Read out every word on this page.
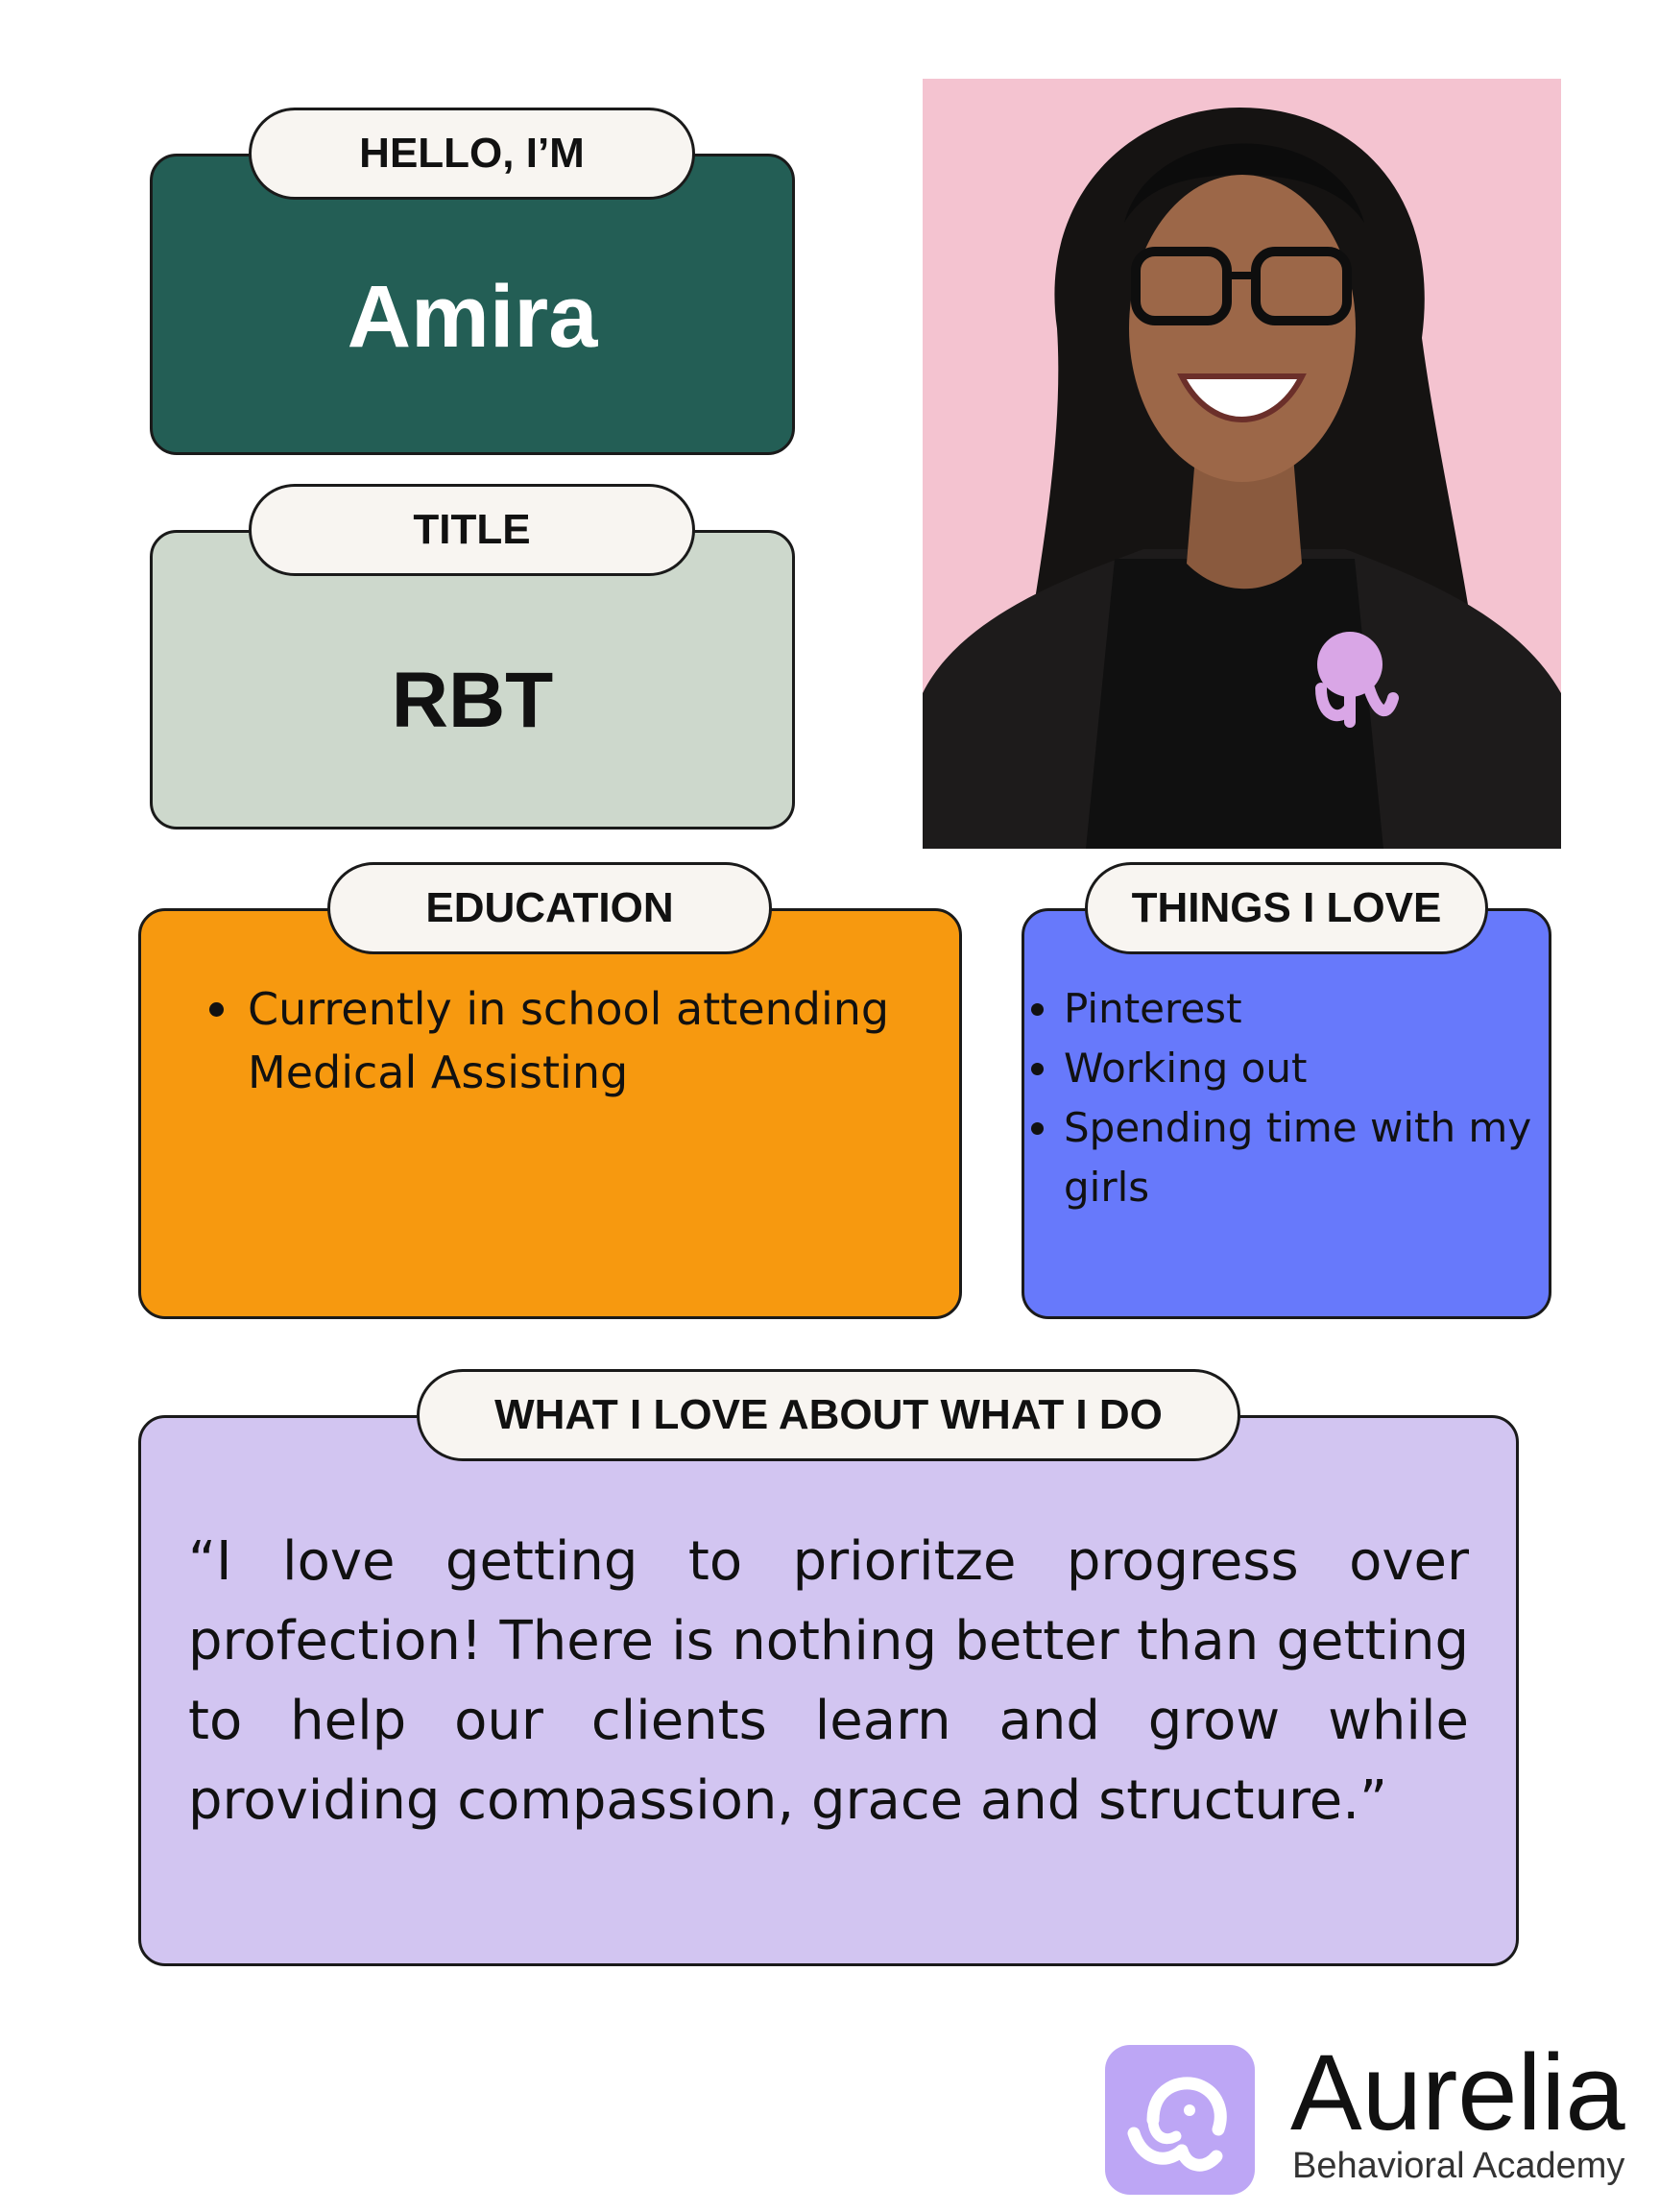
Amira
HELLO, I’M
RBT
TITLE
Currently in school attending Medical Assisting
EDUCATION
Pinterest
Working out
Spending time with my girls
THINGS I LOVE
“I love getting to prioritze progress over profection! There is nothing better than getting to help our clients learn and grow while providing compassion, grace and structure.”
WHAT I LOVE ABOUT WHAT I DO
Aurelia
Behavioral Academy
